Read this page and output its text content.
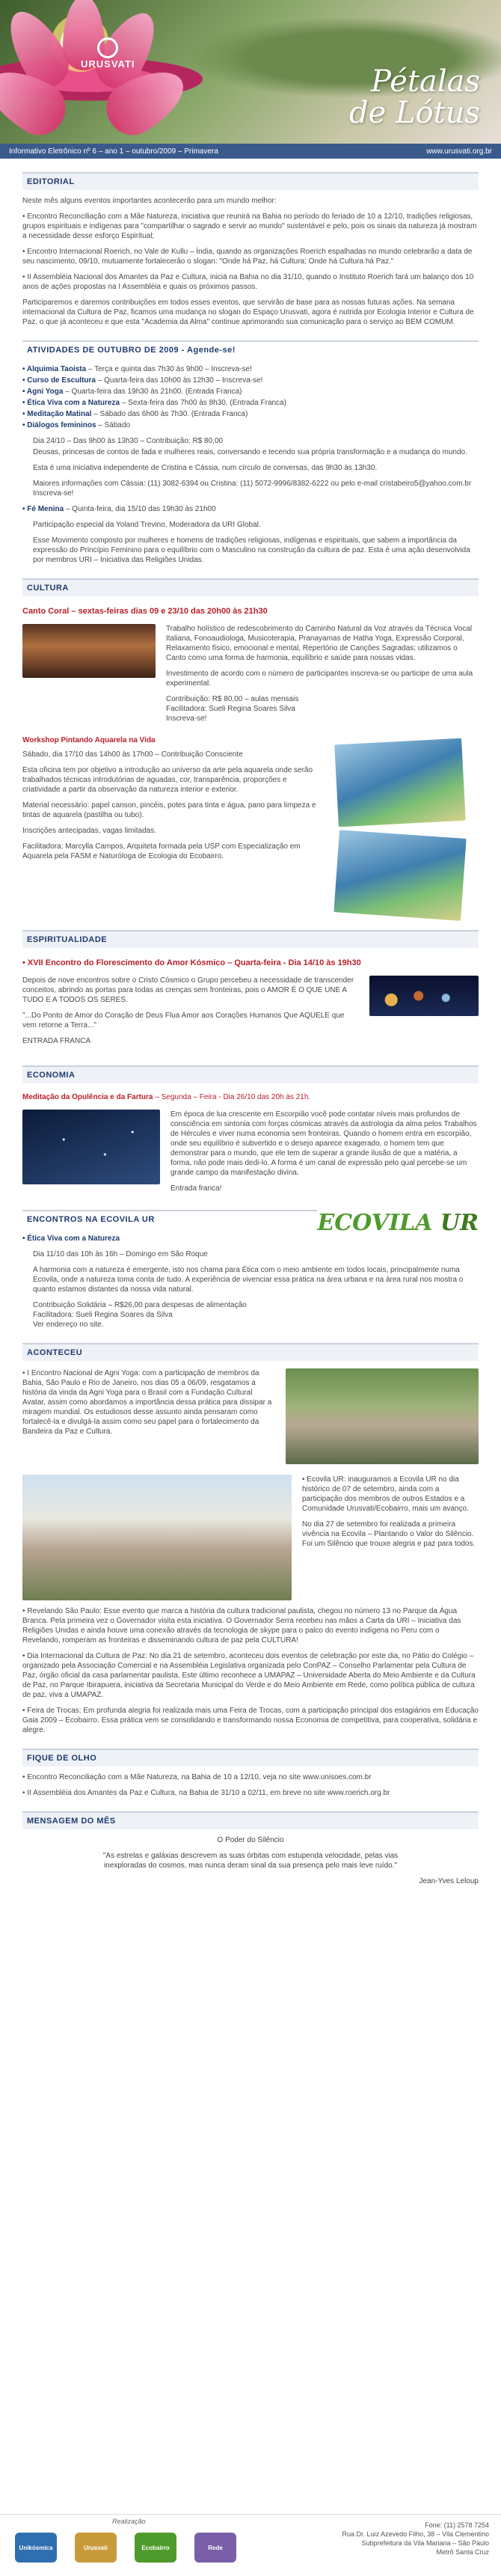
URUSVATI
Pétalas
de Lótus
Informativo Eletrônico nº 6 – ano 1 – outubro/2009 – Primavera	www.urusvati.org.br
EDITORIAL

Neste mês alguns eventos importantes acontecerão para um mundo melhor:

• Encontro Reconciliação com a Mãe Natureza, iniciativa que reunirá na Bahia no período do feriado de 10 a 12/10, tradições religiosas, grupos espirituais e indígenas para "compartilhar o sagrado e servir ao mundo" sustentável e pelo, pois os sinais da natureza já mostram a necessidade desse esforço Espiritual;

• Encontro Internacional Roerich, no Vale de Kullu – Índia, quando as organizações Roerich espalhadas no mundo celebrarão a data de seu nascimento, 09/10, mutuamente fortalecerão o slogan: "Onde há Paz, há Cultura; Onde há Cultura há Paz."

• II Assembléia Nacional dos Amantes da Paz e Cultura, iniciá na Bahia no dia 31/10, quando o Instituto Roerich fará um balanço dos 10 anos de ações propostas na I Assembléia e quais os próximos passos.

Participaremos e daremos contribuições em todos esses eventos, que servirão de base para as nossas futuras ações. Na semana internacional da Cultura de Paz, ficamos uma mudança no slogan do Espaço Urusvati, agora é nutrida por Ecologia Interior e Cultura de Paz, o que já aconteceu e que esta "Academia da Alma" continue aprimorando sua comunicação para o serviço ao BEM COMUM.

ATIVIDADES DE OUTUBRO DE 2009 - Agende-se!
• Alquimia Taoista – Terça e quinta das 7h30 às 9h00 – Inscreva-se!
• Curso de Escultura – Quarta-feira das 10h00 às 12h30 – Inscreva-se!
• Agni Yoga – Quarta-feira das 19h30 às 21h00. (Entrada Franca)
• Ética Viva com a Natureza – Sexta-feira das 7h00 às 8h30. (Entrada Franca)
• Meditação Matinal – Sábado das 6h00 às 7h30. (Entrada Franca)
• Diálogos femininos – Sábado

Dia 24/10 – Das 9h00 às 13h30 – Contribuição: R$ 80,00

Deusas, princesas de contos de fada e mulheres reais, conversando e tecendo sua própria transformação e a mudança do mundo.

Esta é uma iniciativa independente de Cristina e Cássia, num círculo de conversas, das 9h30 às 13h30.

Maiores informações com Cássia: (11) 3082-6394 ou Cristina: (11) 5072-9996/8382-6222 ou pelo e-mail cristabeiro5@yahoo.com.br Inscreva-se!

• Fé Menina – Quinta-feira, dia 15/10 das 19h30 às 21h00

Participação especial da Yoland Trevino, Moderadora da URI Global.

Esse Movimento composto por mulheres e homens de tradições religiosas, indígenas e espirituais, que sabem a importância da expressão do Princípio Feminino para o equilíbrio com o Masculino na construção da cultura de paz. Esta é uma ação desenvolvida por membros URI – Iniciativa das Religiões Unidas.

CULTURA
Canto Coral – sextas-feiras dias 09 e 23/10 das 20h00 às 21h30
Trabalho holístico de redescobrimento do Caminho Natural da Voz através da Técnica Vocal Italiana, Fonoaudiologa, Musicoterapia, Pranayamas de Hatha Yoga, Expressão Corporal, Relaxamento físico, emocional e mental, Repertório de Canções Sagradas; utilizamos o Canto como uma forma de harmonia, equilíbrio e saúde para nossas vidas.

Investimento de acordo com o número de participantes inscreva-se ou participe de uma aula experimental.

Contribuição: R$ 80,00 – aulas mensais
Facilitadora: Sueli Regina Soares Silva
Inscreva-se!
Workshop Pintando Aquarela na Vida
Sábado, dia 17/10 das 14h00 às 17h00 – Contribuição Consciente

Esta oficina tem por objetivo a introdução ao universo da arte pela aquarela onde serão trabalhados técnicas introdutórias de aguadas, cor, transparência, proporções e criatividade a partir da observação da natureza interior e exterior.

Material necessário: papel canson, pincéis, potes para tinta e água, pano para limpeza e tintas de aquarela (pastilha ou tubo).

Inscrições antecipadas, vagas limitadas.

Facilitadora: Marcylla Campos, Arquiteta formada pela USP com Especialização em Aquarela pela FASM e Naturóloga de Ecologia do Ecobairro.

ESPIRITUALIDADE
• XVII Encontro do Florescimento do Amor Kósmico – Quarta-feira - Dia 14/10 às 19h30
Depois de nove encontros sobre o Cristo Cósmico o Grupo percebeu a necessidade de transcender conceitos, abrindo as portas para todas as crenças sem fronteiras, pois o AMOR É O QUE UNE A TUDO E A TODOS OS SERES.

"...Do Ponto de Amor do Coração de Deus Flua Amor aos Corações Humanos Que AQUELE que vem retorne a Terra..."

ENTRADA FRANCA

ECONOMIA
Meditação da Opulência e da Fartura – Segunda – Feira - Dia 26/10 das 20h às 21h.
Em época de lua crescente em Escorpião você pode contatar níveis mais profundos de consciência em sintonia com forças cósmicas através da astrologia da alma pelos Trabalhos de Hércules e viver numa economia sem fronteiras. Quando o homem entra em escorpião, onde seu equilíbrio é subvertido e o desejo aparece exagerado, o homem tem que demonstrar para o mundo, que ele tem de superar a grande ilusão de que a matéria, a forma, não pode mais dedi-lo. A forma é um canal de expressão pelo qual percebe-se um grande campo da manifestação divina.

Entrada franca!

ENCONTROS NA ECOVILA UR	ECOVILA UR
• Ética Viva com a Natureza

Dia 11/10 das 10h às 16h – Domingo em São Roque

A harmonia com a natureza é emergente, isto nos chama para Ética com o meio ambiente em todos locais, principalmente numa Ecovila, onde a natureza toma conta de tudo. A experiência de vivenciar essa prática na área urbana e na área rural nos mostra o quanto estamos distantes da nossa vida natural.

Contribuição Solidária – R$26,00 para despesas de alimentação
Facilitadora: Sueli Regina Soares da Silva
Ver endereço no site.
ACONTECEU
• I Encontro Nacional de Agni Yoga: com a participação de membros da Bahia, São Paulo e Rio de Janeiro, nos dias 05 a 06/09, resgatamos a história da vinda da Agni Yoga para o Brasil com a Fundação Cultural Avatar, assim como abordamos a importância dessa prática para dissipar a miragem mundial. Os estudiosos desse assunto ainda pensaram como fortalecê-la e divulgá-la assim como seu papel para o fortalecimento da Bandeira da Paz e Cultura.
• Ecovila UR: inauguramos a Ecovila UR no dia histórico de 07 de setembro, ainda com a participação dos membros de outros Estados e a Comunidade Urusvati/Ecobairro, mais um avanço.

No dia 27 de setembro foi realizada a primeira vivência na Ecovila – Plantando o Valor do Silêncio. Foi um Silêncio que trouxe alegria e paz para todos.

• Revelando São Paulo: Esse evento que marca a história da cultura tradicional paulista, chegou no número 13 no Parque da Água Branca. Pela primeira vez o Governador visita esta iniciativa. O Governador Serra recebeu nas mãos a Carta da URI – Iniciativa das Religiões Unidas e ainda houve uma conexão através da tecnologia de skype para o palco do evento indígena no Peru com o Revelando, romperam as fronteiras e disseminando cultura de paz pela CULTURA!

• Dia Internacional da Cultura de Paz: No dia 21 de setembro, aconteceu dois eventos de celebração por este dia, no Pátio do Colégio – organizado pela Associação Comercial e na Assembléia Legislativa organizada pelo ConPAZ – Conselho Parlamentar pela Cultura de Paz, órgão oficial da casa parlamentar paulista. Este último reconhece a UMAPAZ – Universidade Aberta do Meio Ambiente e da Cultura de Paz, no Parque Ibirapuera, iniciativa da Secretaria Municipal do Verde e do Meio Ambiente em Rede, como política pública de cultura de paz, viva a UMAPAZ.

• Feira de Trocas: Em profunda alegria foi realizada mais uma Feira de Trocas, com a participação principal dos estagiários em Educação Gaia 2009 – Ecobairro. Essa prática vem se consolidando e transformando nossa Economia de competitiva, para cooperativa, solidária e alegre.

FIQUE DE OLHO

• Encontro Reconciliação com a Mãe Natureza, na Bahia de 10 a 12/10, veja no site www.unisoes.com.br

• II Assembléia dos Amantes da Paz e Cultura, na Bahia de 31/10 a 02/11, em breve no site www.roerich.org.br

MENSAGEM DO MÊS

O Poder do Silêncio

"As estrelas e galáxias descrevem as suas órbitas com estupenda velocidade, pelas vias inexploradas do cosmos, mas nunca deram sinal da sua presença pelo mais leve ruído."

Jean-Yves Leloup

Realização
Unikósmica	Urusvati	Ecobairro	Rede
Fone: (11) 2578 7254
Rua Dr. Luiz Azevedo Filho, 38 – Vila Clementino
Subprefeitura da Vila Mariana – São Paulo
Metrô Santa Cruz
